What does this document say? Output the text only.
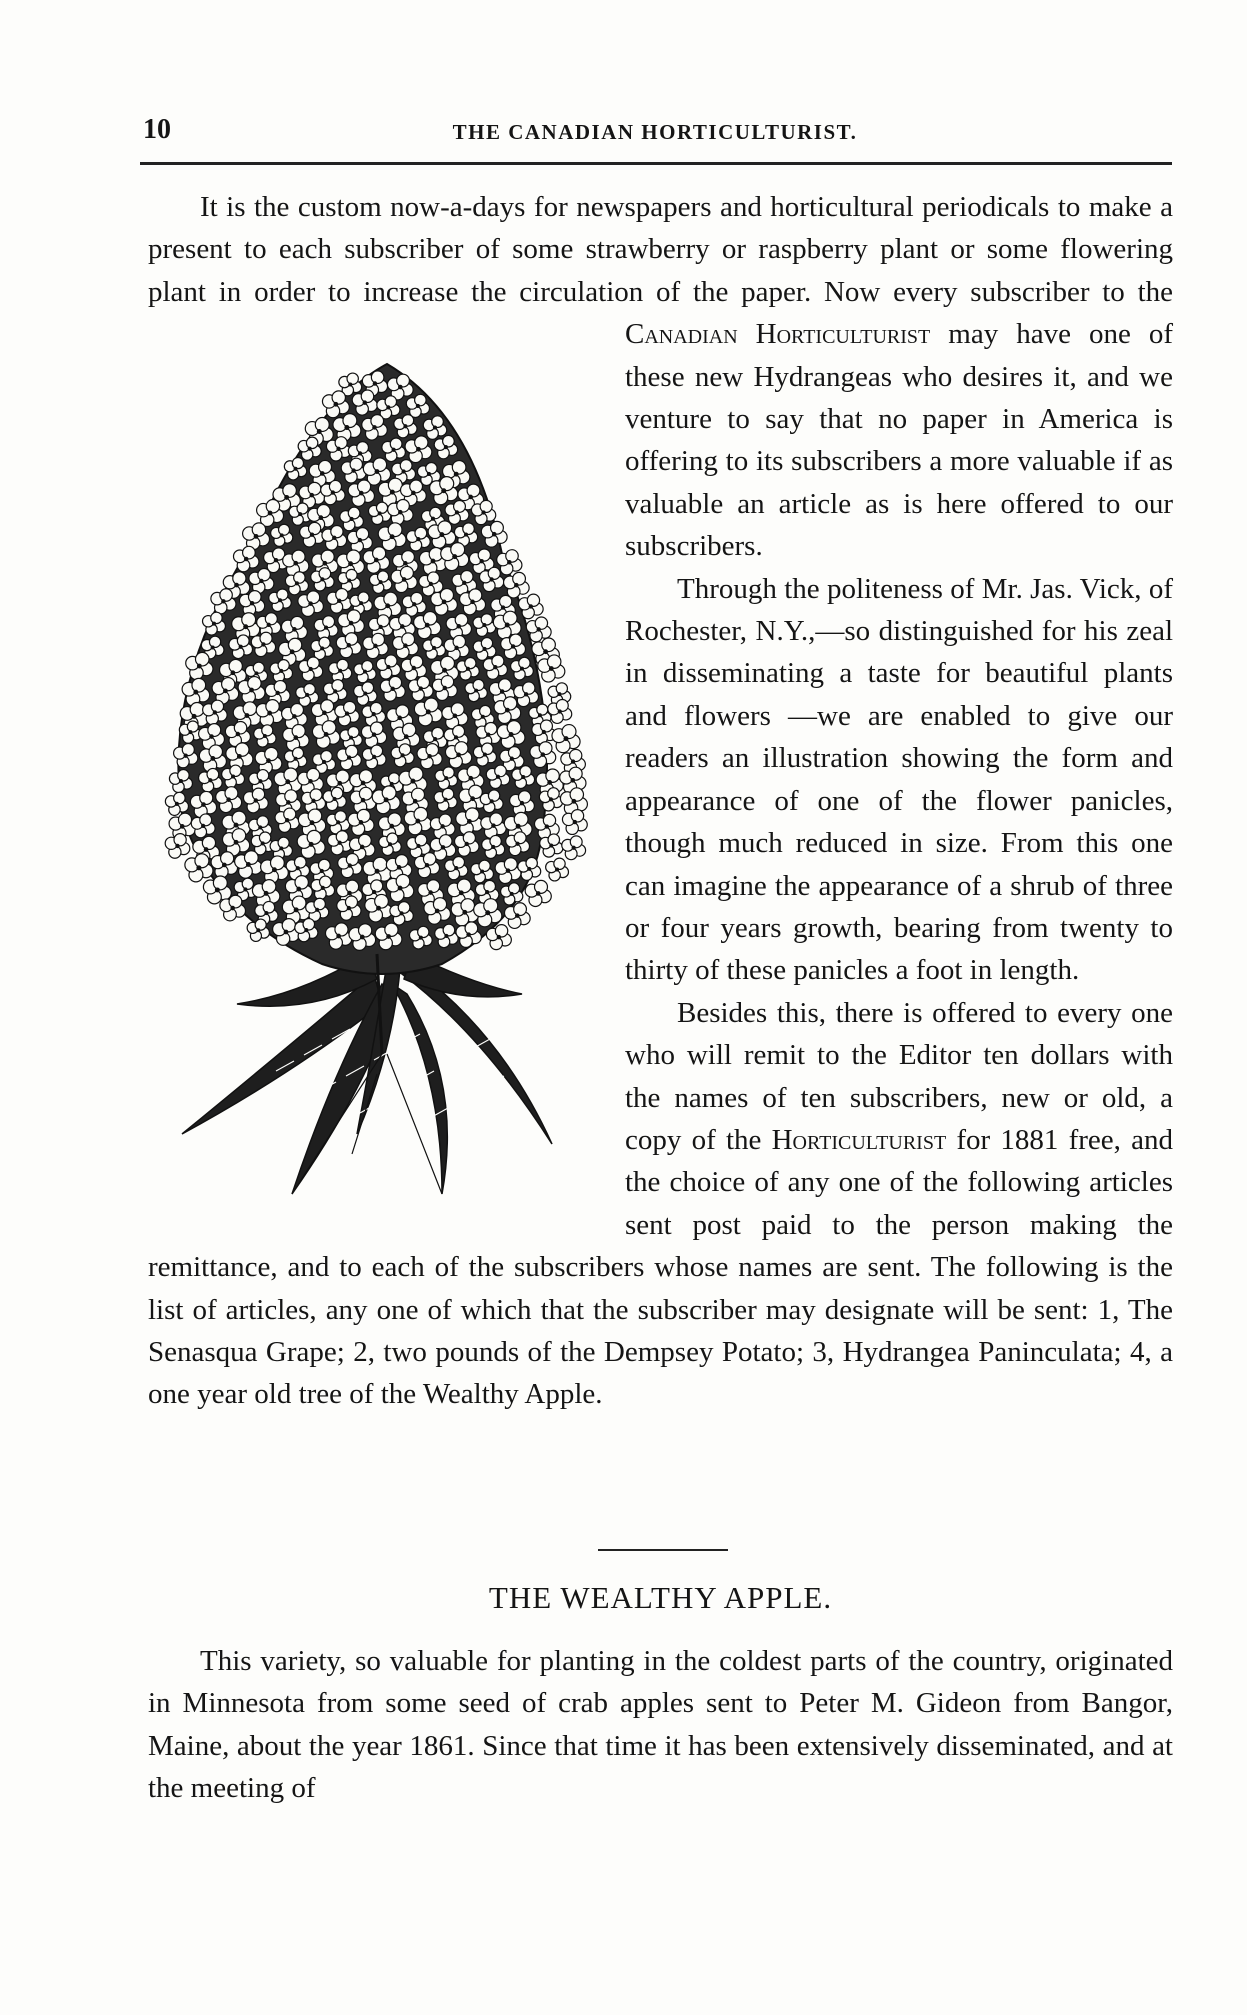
10	THE CANADIAN HORTICULTURIST.

It is the custom now-a-days for newspapers and horticultural periodicals to make a present to each subscriber of some strawberry or raspberry plant or some flowering plant in order to increase the circulation of the paper. Now every subscriber to the Canadian Horticulturist may have one of these new Hydrangeas who desires it, and we venture to say that no paper in America is offering to its subscribers a more valuable if as valuable an article as is here offered to our subscribers.

Through the politeness of Mr. Jas. Vick, of Rochester, N.Y.,—so distinguished for his zeal in disseminating a taste for beautiful plants and flowers —we are enabled to give our readers an illustration showing the form and appearance of one of the flower panicles, though much reduced in size. From this one can imagine the appearance of a shrub of three or four years growth, bearing from twenty to thirty of these panicles a foot in length.

Besides this, there is offered to every one who will remit to the Editor ten dollars with the names of ten subscribers, new or old, a copy of the Horticulturist for 1881 free, and the choice of any one of the following articles sent post paid to the person making the remittance, and to each of the subscribers whose names are sent. The following is the list of articles, any one of which that the subscriber may designate will be sent: 1, The Senasqua Grape; 2, two pounds of the Dempsey Potato; 3, Hydrangea Paninculata; 4, a one year old tree of the Wealthy Apple.

THE WEALTHY APPLE.

This variety, so valuable for planting in the coldest parts of the country, originated in Minnesota from some seed of crab apples sent to Peter M. Gideon from Bangor, Maine, about the year 1861. Since that time it has been extensively disseminated, and at the meeting of
